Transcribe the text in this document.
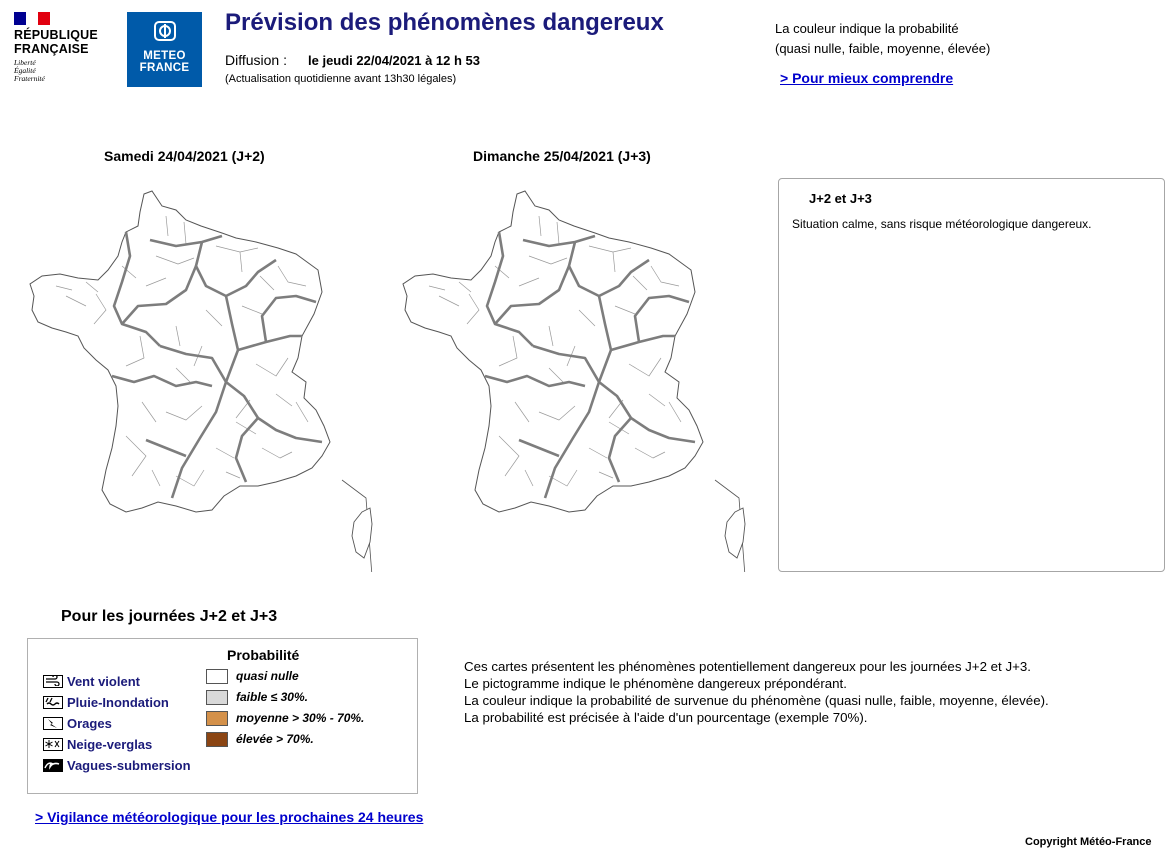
RÉPUBLIQUE
FRANÇAISE
Liberté
Égalité
Fraternité
METEO
FRANCE
Prévision des phénomènes dangereux
Diffusion : le jeudi 22/04/2021 à 12 h 53
(Actualisation quotidienne avant 13h30 légales)
La couleur indique la probabilité
(quasi nulle, faible, moyenne, élevée)
> Pour mieux comprendre
Samedi 24/04/2021 (J+2)	Dimanche 25/04/2021 (J+3)
J+2 et J+3
Situation calme, sans risque météorologique dangereux.
Pour les journées J+2 et J+3
Vent violent
Pluie-Inondation
Orages
Neige-verglas
Vagues-submersion
Probabilité
quasi nulle
faible ≤ 30%.
moyenne > 30% - 70%.
élevée > 70%.
Ces cartes présentent les phénomènes potentiellement dangereux pour les journées J+2 et J+3.
Le pictogramme indique le phénomène dangereux prépondérant.
La couleur indique la probabilité de survenue du phénomène (quasi nulle, faible, moyenne, élevée).
La probabilité est précisée à l'aide d'un pourcentage (exemple 70%).
> Vigilance météorologique pour les prochaines 24 heures
Copyright Météo-France
